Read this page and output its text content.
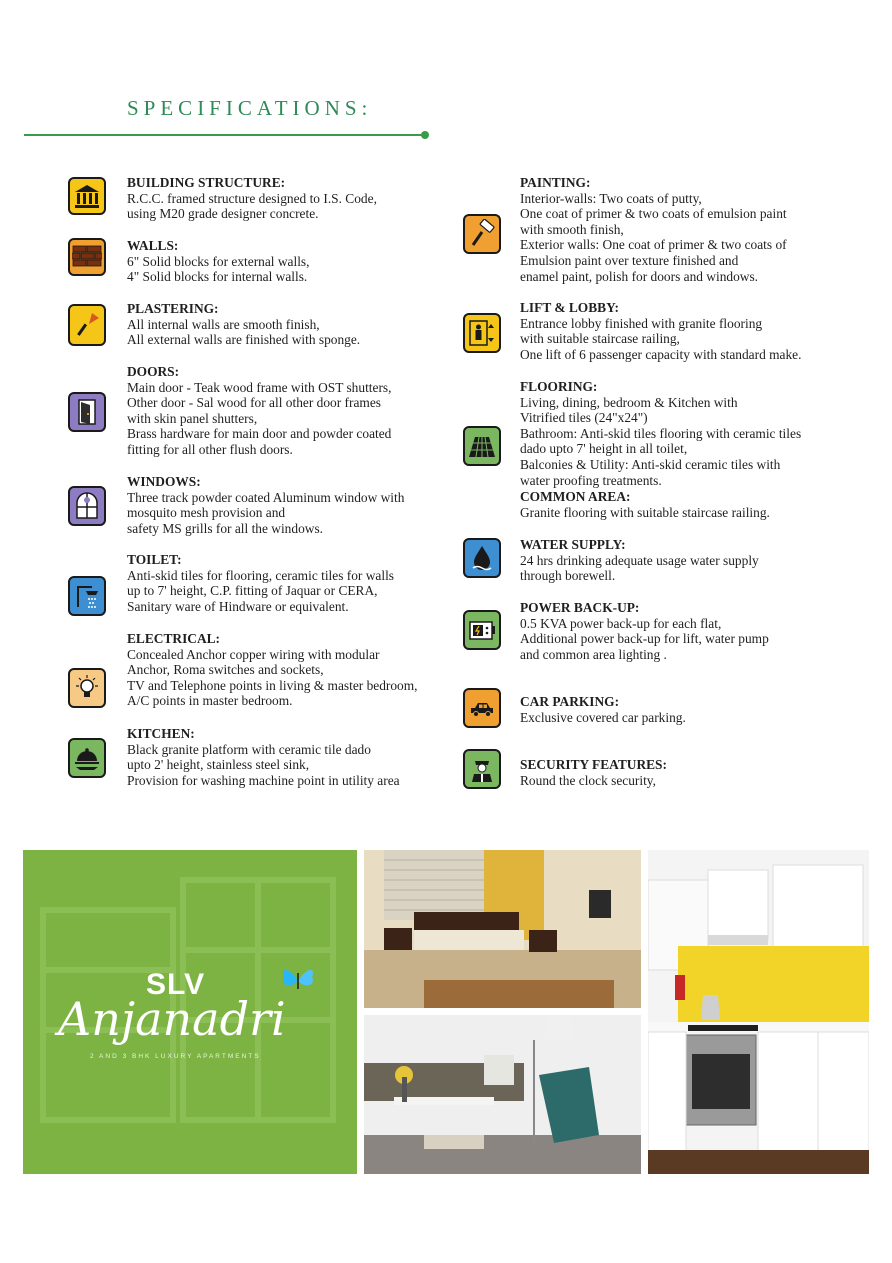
SPECIFICATIONS:
BUILDING STRUCTURE:
R.C.C. framed structure designed to I.S. Code,
using M20 grade designer concrete.
WALLS:
6" Solid blocks for external walls,
4" Solid blocks for internal walls.
PLASTERING:
All internal walls are smooth finish,
All external walls are finished with sponge.
DOORS:
Main door - Teak wood frame with OST shutters,
Other door - Sal wood for all other door frames
with skin panel shutters,
Brass hardware for main door and powder coated
fitting for all other flush doors.
WINDOWS:
Three track powder coated Aluminum window with
mosquito mesh provision and
safety MS grills for all the windows.
TOILET:
Anti-skid tiles for flooring, ceramic tiles for walls
up to 7' height, C.P. fitting of Jaquar or CERA,
Sanitary ware of Hindware or equivalent.
ELECTRICAL:
Concealed Anchor copper wiring with modular
Anchor, Roma switches and sockets,
TV and Telephone points in living & master bedroom,
A/C points in master bedroom.
KITCHEN:
Black granite platform with ceramic tile dado
upto 2' height, stainless steel sink,
Provision for washing machine point in utility area
PAINTING:
Interior-walls: Two coats of putty,
One coat of primer & two coats of emulsion paint
with smooth finish,
Exterior walls: One coat of primer & two coats of
Emulsion paint over texture finished and
enamel paint, polish for doors and windows.
LIFT & LOBBY:
Entrance lobby finished with granite flooring
with suitable staircase railing,
One lift of 6 passenger capacity with standard make.
FLOORING:
Living, dining, bedroom & Kitchen with
Vitrified tiles (24"x24")
Bathroom: Anti-skid tiles flooring with ceramic tiles
dado upto 7' height in all toilet,
Balconies & Utility: Anti-skid ceramic tiles with
water proofing treatments.
COMMON AREA:
Granite flooring with suitable staircase railing.
WATER SUPPLY:
24 hrs drinking adequate usage water supply
through borewell.
POWER BACK-UP:
0.5 KVA power back-up for each flat,
Additional power back-up for lift, water pump
and common area lighting .
CAR PARKING:
Exclusive covered car parking.
SECURITY FEATURES:
Round the clock security,
SLV
Anjanadri
2 AND 3 BHK LUXURY APARTMENTS
